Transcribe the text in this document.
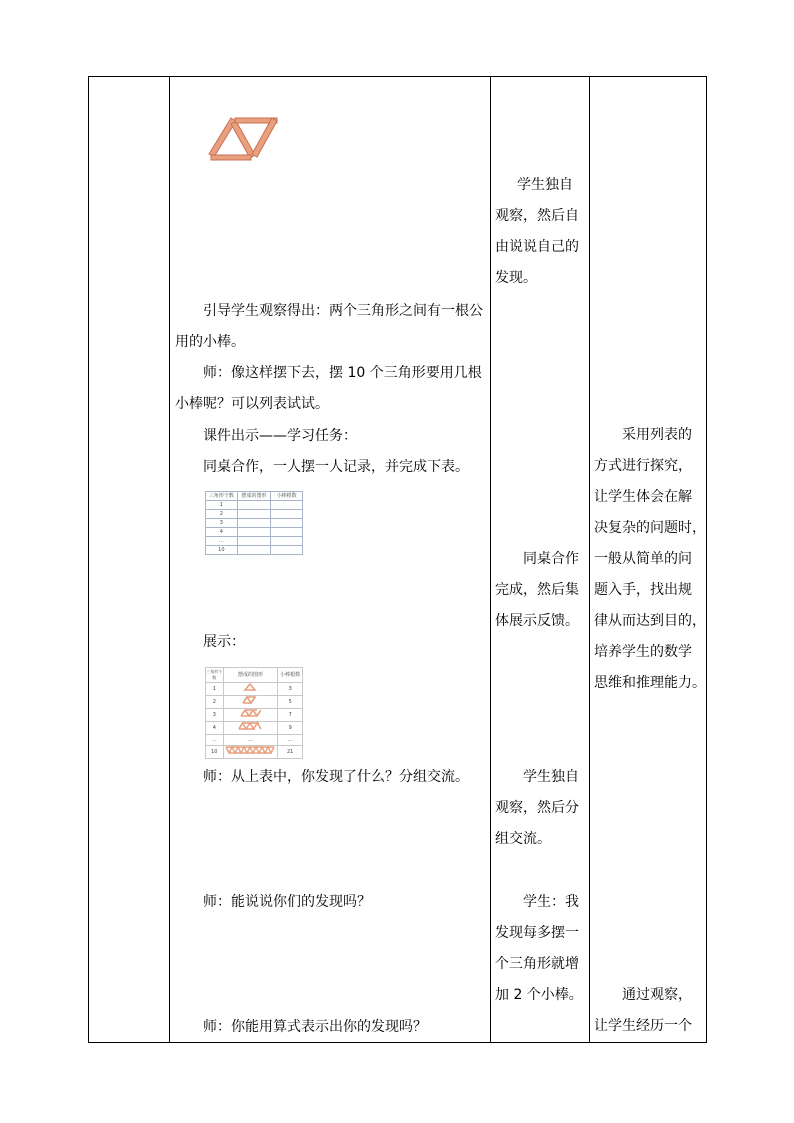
引导学生观察得出：两个三角形之间有一根公
用的小棒。
师：像这样摆下去，摆 10 个三角形要用几根
小棒呢？可以列表试试。
课件出示——学习任务：
同桌合作，一人摆一人记录，并完成下表。
三角形个数	摆成的图形	小棒根数
1		
2		
3		
4		
…		
10		
展示：
三角形个数	摆成的图形	小棒根数
1		3
2		5
3		7
4		9
…	…	…
10		21
师：从上表中，你发现了什么？分组交流。
师：能说说你们的发现吗？
师：你能用算式表示出你的发现吗？
学生独自
观察，然后自
由说说自己的
发现。
同桌合作
完成，然后集
体展示反馈。
学生独自
观察，然后分
组交流。
学生：我
发现每多摆一
个三角形就增
加 2 个小棒。
采用列表的
方式进行探究，
让学生体会在解
决复杂的问题时，
一般从简单的问
题入手，找出规
律从而达到目的，
培养学生的数学
思维和推理能力。
通过观察，
让学生经历一个
